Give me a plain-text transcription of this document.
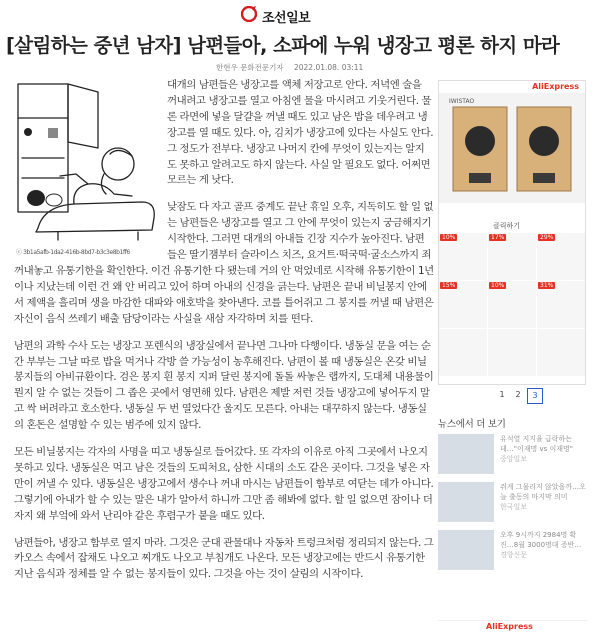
조선일보
[살림하는 중년 남자] 남편들아, 소파에 누워 냉장고 평론 하지 마라
한현우 문화전문기자 2022.01.08. 03:11
ⓒ 3b1a5afb-1da2-416b-8bd7-b3c3e8b1ff6

대개의 남편들은 냉장고를 액체 저장고로 안다. 저녁엔 술을 꺼내려고 냉장고를 열고 아침엔 물을 마시려고 기웃거린다. 물론 라면에 넣을 달걀을 꺼낼 때도 있고 남은 밥을 데우려고 냉장고를 열 때도 있다. 아, 김치가 냉장고에 있다는 사실도 안다. 그 정도가 전부다. 냉장고 나머지 칸에 무엇이 있는지는 알지도 못하고 알려고도 하지 않는다. 사실 알 필요도 없다. 어쩌면 모르는 게 낫다.

낮잠도 다 자고 골프 중계도 끝난 휴일 오후, 지독히도 할 일 없는 남편들은 냉장고를 열고 그 안에 무엇이 있는지 궁금해지기 시작한다. 그러면 대개의 아내들 긴장 지수가 높아진다. 남편들은 딸기잼부터 슬라이스 치즈, 요거트·떡국떡·굴소스까지 죄 꺼내놓고 유통기한을 확인한다. 이건 유통기한 다 됐는데 거의 안 먹었네로 시작해 유통기한이 1년이나 지났는데 이런 건 왜 안 버리고 있어 하며 아내의 신경을 긁는다. 남편은 끝내 비닐봉지 안에서 제액을 흘리며 생을 마감한 대파와 애호박을 찾아낸다. 코를 틀어쥐고 그 봉지를 꺼낼 때 남편은 자신이 음식 쓰레기 배출 담당이라는 사실을 새삼 자각하며 치를 떤다.

남편의 과학 수사 도는 냉장고 포렌식의 냉장실에서 끝나면 그나마 다행이다. 냉동실 문을 여는 순간 부부는 그날 따로 밥을 먹거나 각방 쓸 가능성이 농후해진다. 남편이 볼 때 냉동실은 온갖 비닐봉지들의 아비규환이다. 검은 봉지 흰 봉지 지퍼 달린 봉지에 돌돌 싸놓은 랩까지, 도대체 내용물이 뭔지 알 수 없는 것들이 그 좁은 곳에서 영면해 있다. 남편은 제발 저런 것들 냉장고에 넣어두지 말고 싹 버려라고 호소한다. 냉동실 두 번 열었다간 울지도 모른다. 아내는 대꾸하지 않는다. 냉동실의 혼돈은 설명할 수 있는 범주에 있지 않다.

모든 비닐봉지는 각자의 사명을 띠고 냉동실로 들어갔다. 또 각자의 이유로 아직 그곳에서 나오지 못하고 있다. 냉동실은 먹고 남은 것들의 도피처요, 삼한 시대의 소도 같은 곳이다. 그것을 넣은 자만이 꺼낼 수 있다. 냉동실은 냉장고에서 생수나 꺼내 마시는 남편들이 함부로 여닫는 데가 아니다. 그렇기에 아내가 할 수 있는 말은 내가 알아서 하니까 그만 좀 해봐에 없다. 할 일 없으면 잠이나 더 자지 왜 부엌에 와서 난리야 같은 후렴구가 붙을 때도 있다.

남편들아, 냉장고 함부로 열지 마라. 그것은 군대 관물대나 자동차 트렁크처럼 정리되지 않는다. 그 카오스 속에서 잡채도 나오고 찌개도 나오고 부침개도 나온다. 모든 냉장고에는 반드시 유통기한 지난 음식과 정체를 알 수 없는 봉지들이 있다. 그것을 아는 것이 살림의 시작이다.

AliExpress
IWISTAO
클릭하기
10%	17%	29%
15%	10%	31%
1	2	3
뉴스에서 더 보기
유석열 지지율 급락하는데…"이재명 vs 이재명"
중앙일보
쥐게 그물리지 않았을까…오늘 출동의 마지막 의미
한국일보
오후 9시까지 2984명 확진…8월 3000명대 증반…
경향신문
AliExpress
